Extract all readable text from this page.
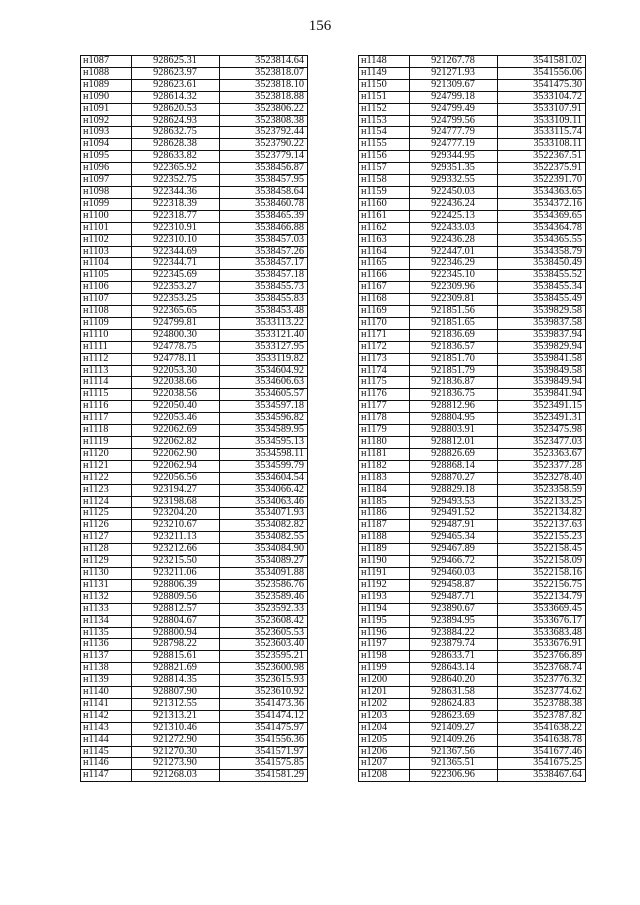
156
н1087	928625.31	3523814.64
н1088	928623.97	3523818.07
н1089	928623.61	3523818.10
н1090	928614.32	3523818.88
н1091	928620.53	3523806.22
н1092	928624.93	3523808.38
н1093	928632.75	3523792.44
н1094	928628.38	3523790.22
н1095	928633.82	3523779.14
н1096	922365.92	3538456.87
н1097	922352.75	3538457.95
н1098	922344.36	3538458.64
н1099	922318.39	3538460.78
н1100	922318.77	3538465.39
н1101	922310.91	3538466.88
н1102	922310.10	3538457.03
н1103	922344.69	3538457.26
н1104	922344.71	3538457.17
н1105	922345.69	3538457.18
н1106	922353.27	3538455.73
н1107	922353.25	3538455.83
н1108	922365.65	3538453.48
н1109	924799.81	3533113.22
н1110	924800.30	3533121.40
н1111	924778.75	3533127.95
н1112	924778.11	3533119.82
н1113	922053.30	3534604.92
н1114	922038.66	3534606.63
н1115	922038.56	3534605.57
н1116	922050.40	3534597.18
н1117	922053.46	3534596.82
н1118	922062.69	3534589.95
н1119	922062.82	3534595.13
н1120	922062.90	3534598.11
н1121	922062.94	3534599.79
н1122	922056.56	3534604.54
н1123	923194.27	3534066.42
н1124	923198.68	3534063.46
н1125	923204.20	3534071.93
н1126	923210.67	3534082.82
н1127	923211.13	3534082.55
н1128	923212.66	3534084.90
н1129	923215.50	3534089.27
н1130	923211.06	3534091.88
н1131	928806.39	3523586.76
н1132	928809.56	3523589.46
н1133	928812.57	3523592.33
н1134	928804.67	3523608.42
н1135	928800.94	3523605.53
н1136	928798.22	3523603.40
н1137	928815.61	3523595.21
н1138	928821.69	3523600.98
н1139	928814.35	3523615.93
н1140	928807.90	3523610.92
н1141	921312.55	3541473.36
н1142	921313.21	3541474.12
н1143	921310.46	3541475.97
н1144	921272.90	3541556.36
н1145	921270.30	3541571.97
н1146	921273.90	3541575.85
н1147	921268.03	3541581.29
н1148	921267.78	3541581.02
н1149	921271.93	3541556.06
н1150	921309.67	3541475.30
н1151	924799.18	3533104.72
н1152	924799.49	3533107.91
н1153	924799.56	3533109.11
н1154	924777.79	3533115.74
н1155	924777.19	3533108.11
н1156	929344.95	3522367.51
н1157	929351.35	3522375.91
н1158	929332.55	3522391.70
н1159	922450.03	3534363.65
н1160	922436.24	3534372.16
н1161	922425.13	3534369.65
н1162	922433.03	3534364.78
н1163	922436.28	3534365.55
н1164	922447.01	3534358.79
н1165	922346.29	3538450.49
н1166	922345.10	3538455.52
н1167	922309.96	3538455.34
н1168	922309.81	3538455.49
н1169	921851.56	3539829.58
н1170	921851.65	3539837.58
н1171	921836.69	3539837.94
н1172	921836.57	3539829.94
н1173	921851.70	3539841.58
н1174	921851.79	3539849.58
н1175	921836.87	3539849.94
н1176	921836.75	3539841.94
н1177	928812.96	3523491.15
н1178	928804.95	3523491.31
н1179	928803.91	3523475.98
н1180	928812.01	3523477.03
н1181	928826.69	3523363.67
н1182	928868.14	3523377.28
н1183	928870.27	3523278.40
н1184	928829.18	3523358.59
н1185	929493.53	3522133.25
н1186	929491.52	3522134.82
н1187	929487.91	3522137.63
н1188	929465.34	3522155.23
н1189	929467.89	3522158.45
н1190	929466.72	3522158.09
н1191	929460.03	3522158.16
н1192	929458.87	3522156.75
н1193	929487.71	3522134.79
н1194	923890.67	3533669.45
н1195	923894.95	3533676.17
н1196	923884.22	3533683.48
н1197	923879.74	3533676.91
н1198	928633.71	3523766.89
н1199	928643.14	3523768.74
н1200	928640.20	3523776.32
н1201	928631.58	3523774.62
н1202	928624.83	3523788.38
н1203	928623.69	3523787.82
н1204	921409.27	3541638.22
н1205	921409.26	3541638.78
н1206	921367.56	3541677.46
н1207	921365.51	3541675.25
н1208	922306.96	3538467.64
